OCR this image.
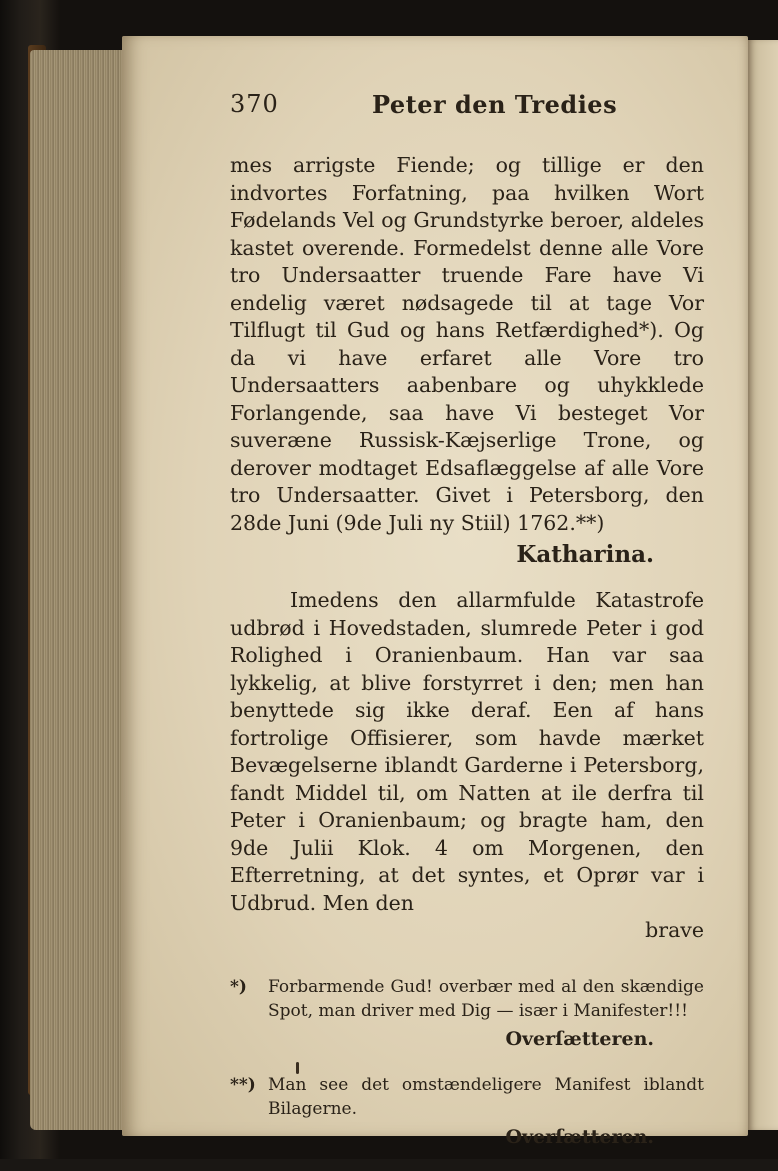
370	Peter den Tredies

mes arrigste Fiende; og tillige er den indvortes Forfatning, paa hvilken Wort Fødelands Vel og Grundstyrke beroer, aldeles kastet overende. Formedelst denne alle Vore tro Undersaatter truende Fare have Vi endelig været nødsagede til at tage Vor Tilflugt til Gud og hans Retfærdighed*). Og da vi have erfaret alle Vore tro Undersaatters aabenbare og uhykklede Forlangende, saa have Vi besteget Vor suveræne Russisk-Kæjserlige Trone, og derover modtaget Edsaflæggelse af alle Vore tro Undersaatter. Givet i Petersborg, den 28de Juni (9de Juli ny Stiil) 1762.**)

Katharina.

Imedens den allarmfulde Katastrofe udbrød i Hovedstaden, slumrede Peter i god Rolighed i Oranienbaum. Han var saa lykkelig, at blive forstyrret i den; men han benyttede sig ikke deraf. Een af hans fortrolige Offisierer, som havde mærket Bevægelserne iblandt Garderne i Petersborg, fandt Middel til, om Natten at ile derfra til Peter i Oranienbaum; og bragte ham, den 9de Julii Klok. 4 om Morgenen, den Efterretning, at det syntes, et Oprør var i Udbrud. Men den

brave
*) Forbarmende Gud! overbær med al den skændige Spot, man driver med Dig — især i Manifester!!!
Overſætteren.
**) Man see det omstændeligere Manifest iblandt Bilagerne.
Overſætteren.
